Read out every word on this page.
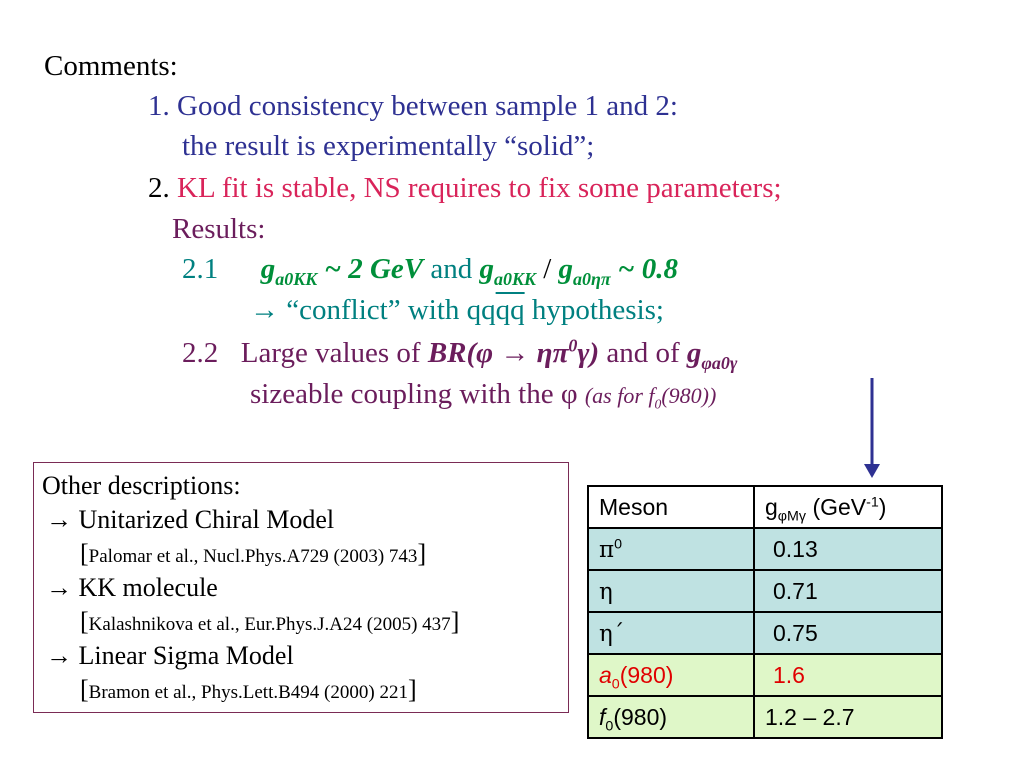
Comments:
1. Good consistency between sample 1 and 2:
the result is experimentally “solid”;
2. KL fit is stable, NS requires to fix some parameters;
Results:
2.1 $g_{a0KK}$ ~ 2 GeV and $g_{a0KK} / g_{a0\eta\pi}$ ~ 0.8
→ “conflict” with $qq\overline{qq}$ hypothesis;
2.2 Large values of $BR(\varphi \to \eta\pi^0\gamma)$ and of $g_{\varphi a0\gamma}$
sizeable coupling with the φ (as for $f_0(980)$)
Other descriptions:
→ Unitarized Chiral Model
[Palomar et al., Nucl.Phys.A729 (2003) 743]
→ KK molecule
[Kalashnikova et al., Eur.Phys.J.A24 (2005) 437]
→ Linear Sigma Model
[Bramon et al., Phys.Lett.B494 (2000) 221]
Meson	$g_{\varphi M\gamma}$ (GeV$^{-1}$)
$\pi^0$	0.13
η	0.71
η´	0.75
$a_0(980)$	1.6
$f_0(980)$	1.2 – 2.7
